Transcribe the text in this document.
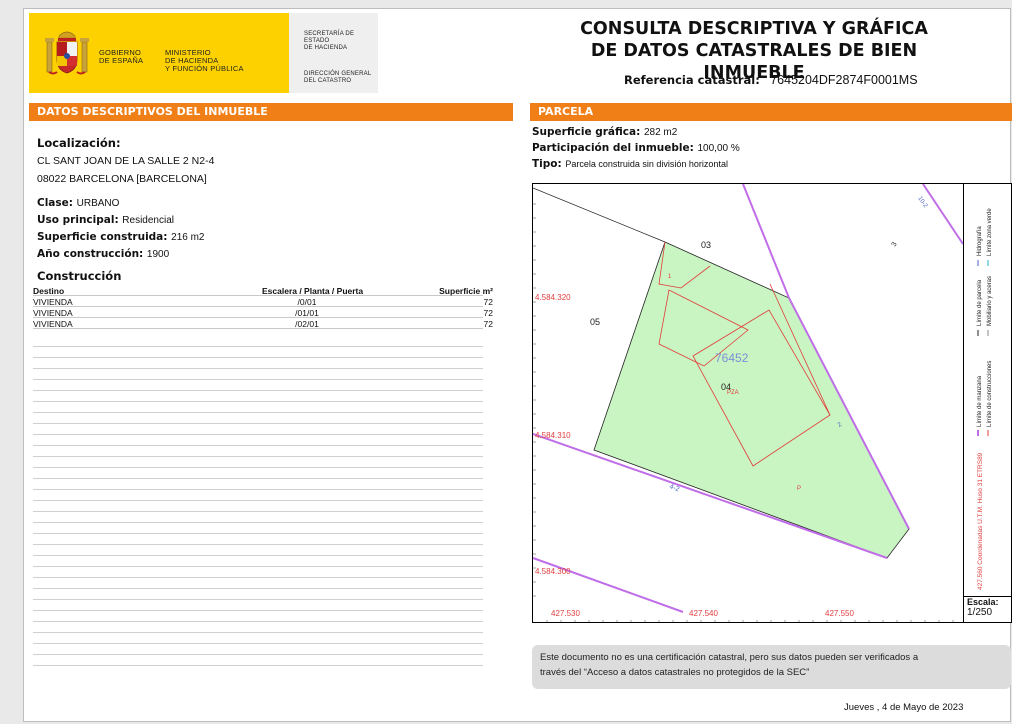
GOBIERNO
DE ESPAÑA
MINISTERIO
DE HACIENDA
Y FUNCIÓN PÚBLICA
SECRETARÍA DE ESTADO
DE HACIENDA
DIRECCIÓN GENERAL
DEL CATASTRO
CONSULTA DESCRIPTIVA Y GRÁFICA
DE DATOS CATASTRALES DE BIEN INMUEBLE
Referencia catastral: 7645204DF2874F0001MS
DATOS DESCRIPTIVOS DEL INMUEBLE
Localización:
CL SANT JOAN DE LA SALLE 2 N2-4
08022 BARCELONA [BARCELONA]
Clase: URBANO
Uso principal: Residencial
Superficie construida: 216 m2
Año construcción: 1900
Construcción
Destino	Escalera / Planta / Puerta	Superficie m²
VIVIENDA	/0/01	72
VIVIENDA	/01/01	72
VIVIENDA	/02/01	72
PARCELA
Superficie gráfica: 282 m2
Participación del inmueble: 100,00 %
Tipo: Parcela construida sin división horizontal
03
05
76452
04
PZA
4-2
1
P
3
2
10-2
4.584.320
4.584.310
4.584.300
427.530	427.540	427.550
427.560 Coordenadas U.T.M. Huso 31 ETRS89
Límite de manzana Límite de construcciones
Límite de parcela Mobiliario y aceras
Hidrografía Límite zona verde
Escala:
1/250
Este documento no es una certificación catastral, pero sus datos pueden ser verificados a
través del “Acceso a datos catastrales no protegidos de la SEC”
Jueves , 4 de Mayo de 2023
